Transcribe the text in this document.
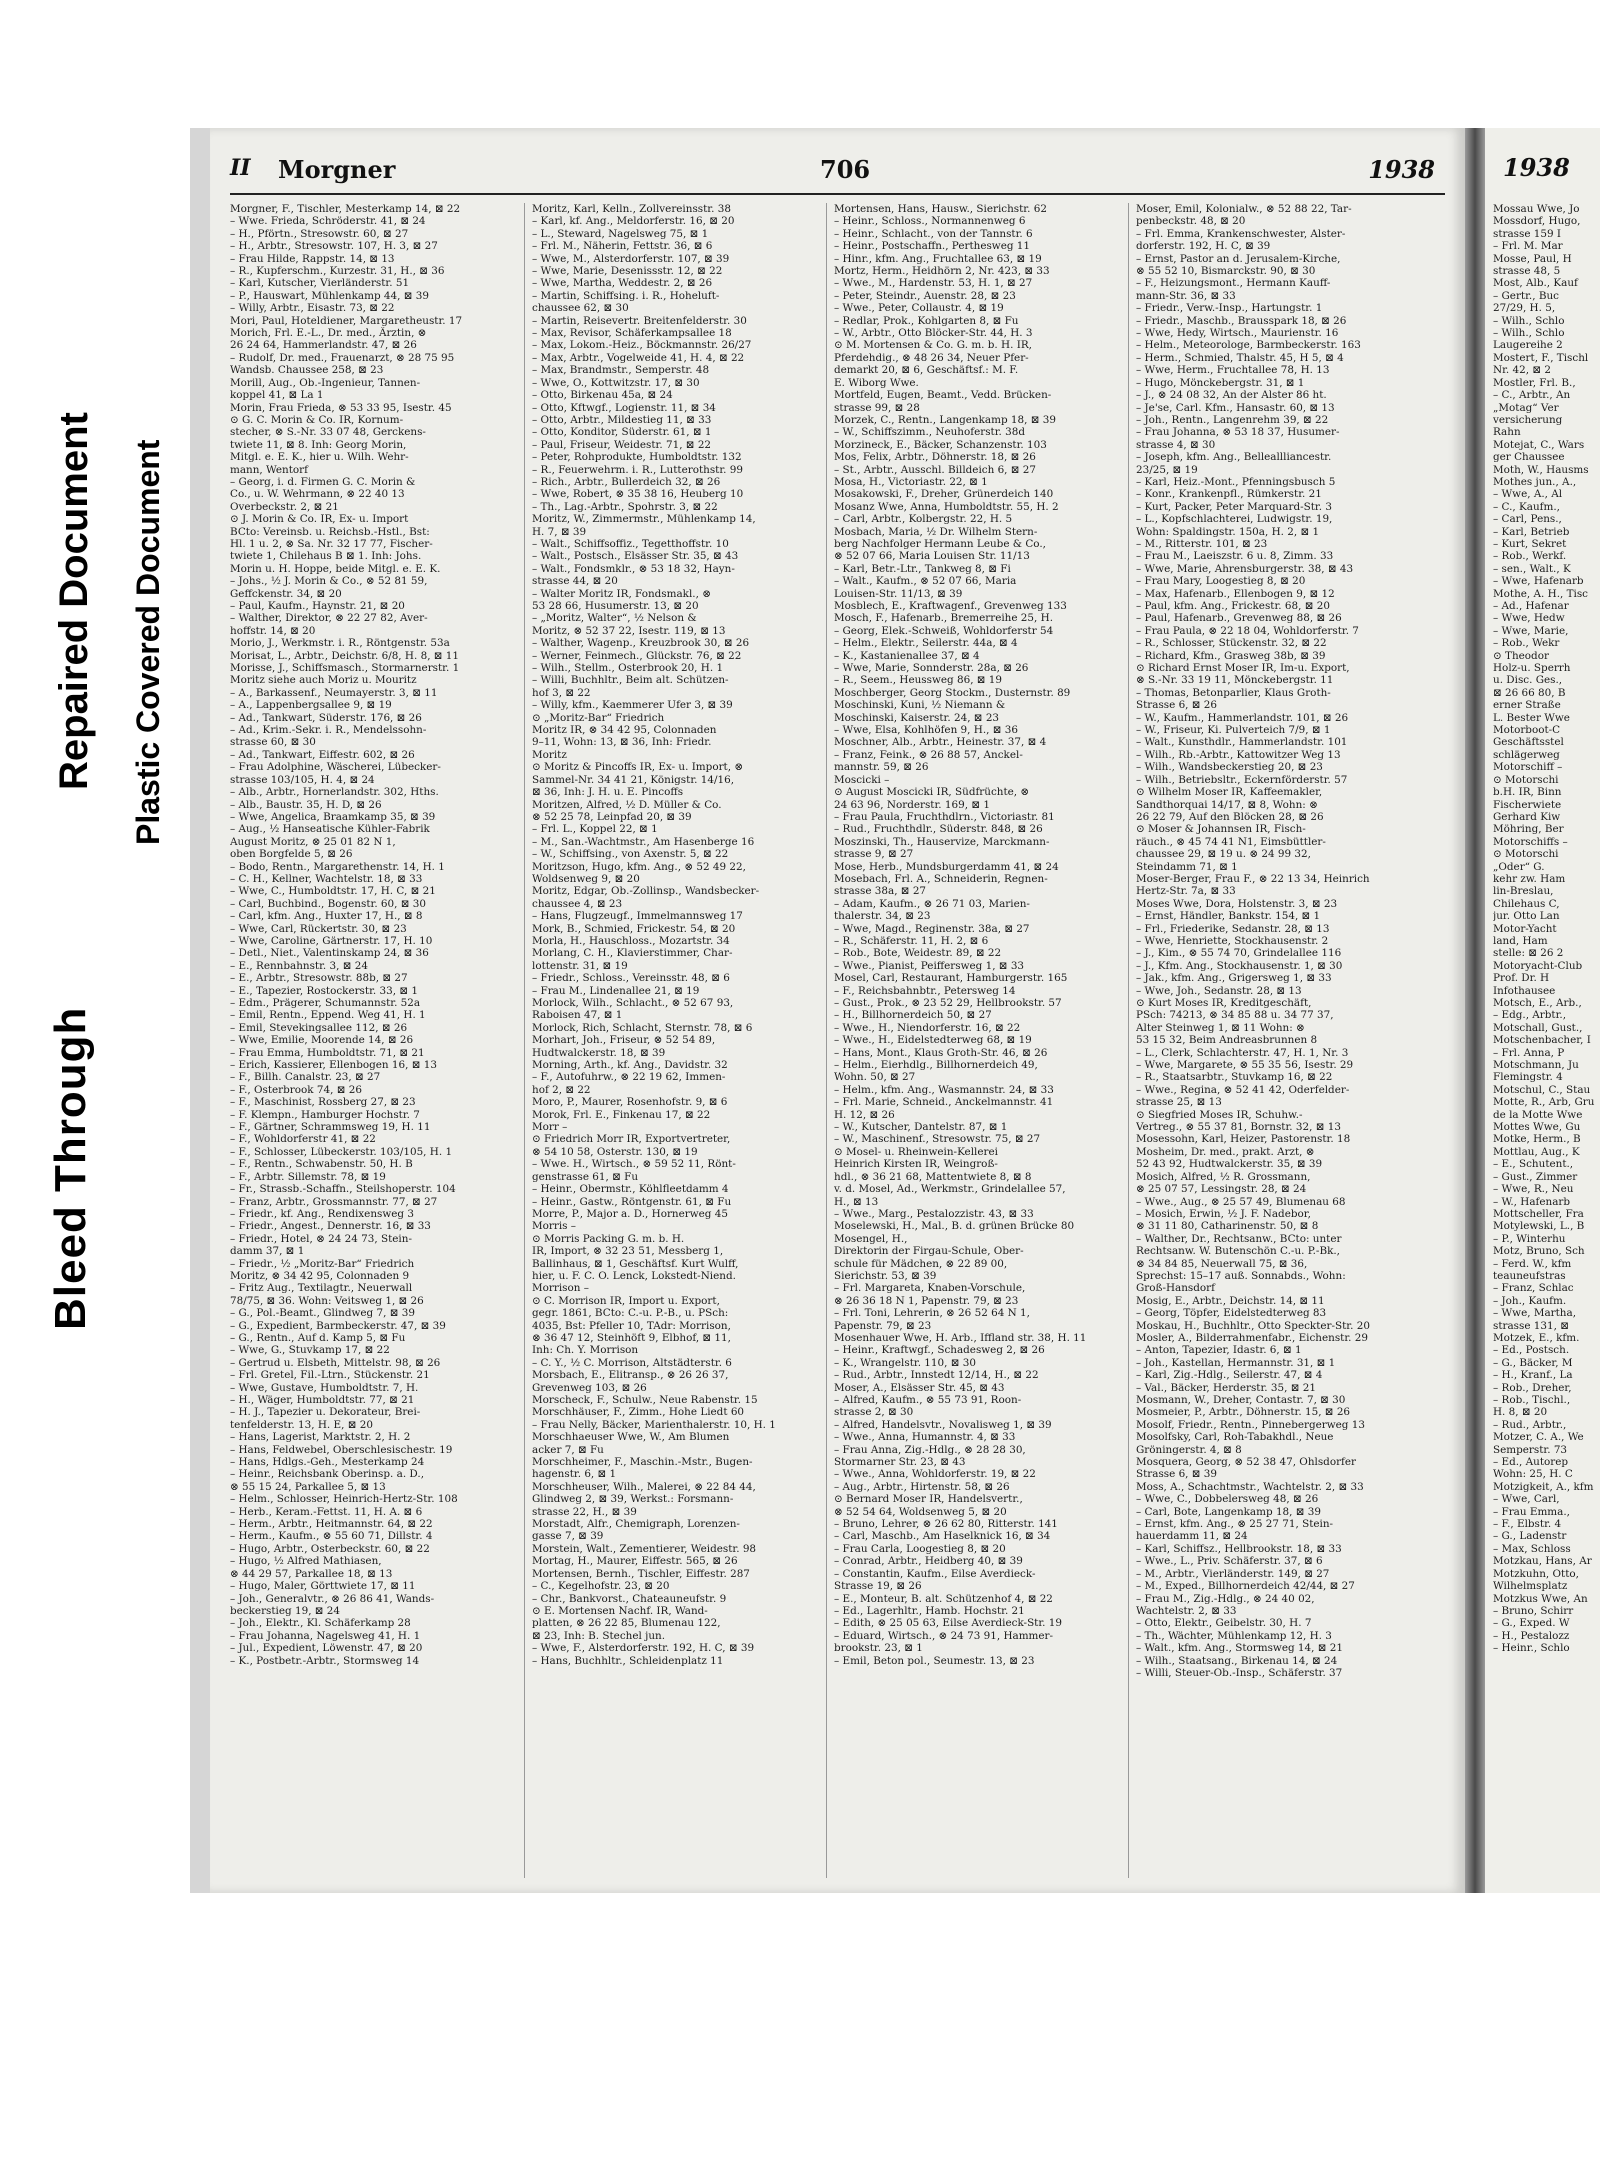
Bleed Through
Repaired Document Plastic Covered Document
II Morgner	706	1938
Morgner, F., Tischler, Mesterkamp 14, ⊠ 22
– Wwe. Frieda, Schröderstr. 41, ⊠ 24
– H., Pförtn., Stresowstr. 60, ⊠ 27
– H., Arbtr., Stresowstr. 107, H. 3, ⊠ 27
– Frau Hilde, Rappstr. 14, ⊠ 13
– R., Kupferschm., Kurzestr. 31, H., ⊠ 36
– Karl, Kutscher, Vierländerstr. 51
– P., Hauswart, Mühlenkamp 44, ⊠ 39
– Willy, Arbtr., Eisastr. 73, ⊠ 22
Mori, Paul, Hoteldiener, Margaretheustr. 17
Morich, Frl. E.-L., Dr. med., Ärztin, ⊗
26 24 64, Hammerlandstr. 47, ⊠ 26
– Rudolf, Dr. med., Frauenarzt, ⊗ 28 75 95
Wandsb. Chaussee 258, ⊠ 23
Morill, Aug., Ob.-Ingenieur, Tannen-
koppel 41, ⊠ La 1
Morin, Frau Frieda, ⊗ 53 33 95, Isestr. 45
⊙ G. C. Morin & Co. IR, Kornum-
stecher, ⊗ S.-Nr. 33 07 48, Gerckens-
twiete 11, ⊠ 8. Inh: Georg Morin,
Mitgl. e. E. K., hier u. Wilh. Wehr-
mann, Wentorf
– Georg, i. d. Firmen G. C. Morin &
Co., u. W. Wehrmann, ⊗ 22 40 13
Overbeckstr. 2, ⊠ 21
⊙ J. Morin & Co. IR, Ex- u. Import
BCto: Vereinsb. u. Reichsb.-Hstl., Bst:
Hl. 1 u. 2, ⊗ Sa. Nr. 32 17 77, Fischer-
twiete 1, Chilehaus B ⊠ 1. Inh: Johs.
Morin u. H. Hoppe, beide Mitgl. e. E. K.
– Johs., ½ J. Morin & Co., ⊗ 52 81 59,
Geffckenstr. 34, ⊠ 20
– Paul, Kaufm., Haynstr. 21, ⊠ 20
– Walther, Direktor, ⊗ 22 27 82, Aver-
hoffstr. 14, ⊠ 20
Morio, J., Werkmstr. i. R., Röntgenstr. 53a
Morisat, L., Arbtr., Deichstr. 6/8, H. 8, ⊠ 11
Morisse, J., Schiffsmasch., Stormarnerstr. 1
Moritz siehe auch Moriz u. Mouritz
– A., Barkassenf., Neumayerstr. 3, ⊠ 11
– A., Lappenbergsallee 9, ⊠ 19
– Ad., Tankwart, Süderstr. 176, ⊠ 26
– Ad., Krim.-Sekr. i. R., Mendelssohn-
strasse 60, ⊠ 30
– Ad., Tankwart, Eiffestr. 602, ⊠ 26
– Frau Adolphine, Wäscherei, Lübecker-
strasse 103/105, H. 4, ⊠ 24
– Alb., Arbtr., Hornerlandstr. 302, Hths.
– Alb., Baustr. 35, H. D, ⊠ 26
– Wwe, Angelica, Braamkamp 35, ⊠ 39
– Aug., ½ Hanseatische Kühler-Fabrik
August Moritz, ⊗ 25 01 82 N 1,
oben Borgfelde 5, ⊠ 26
– Bodo, Rentn., Margarethenstr. 14, H. 1
– C. H., Kellner, Wachtelstr. 18, ⊠ 33
– Wwe, C., Humboldtstr. 17, H. C, ⊠ 21
– Carl, Buchbind., Bogenstr. 60, ⊠ 30
– Carl, kfm. Ang., Huxter 17, H., ⊠ 8
– Wwe, Carl, Rückertstr. 30, ⊠ 23
– Wwe, Caroline, Gärtnerstr. 17, H. 10
– Detl., Niet., Valentinskamp 24, ⊠ 36
– E., Rennbahnstr. 3, ⊠ 24
– E., Arbtr., Stresowstr. 88b, ⊠ 27
– E., Tapezier, Rostockerstr. 33, ⊠ 1
– Edm., Prägerer, Schumannstr. 52a
– Emil, Rentn., Eppend. Weg 41, H. 1
– Emil, Stevekingsallee 112, ⊠ 26
– Wwe, Emilie, Moorende 14, ⊠ 26
– Frau Emma, Humboldtstr. 71, ⊠ 21
– Erich, Kassierer, Ellenbogen 16, ⊠ 13
– F., Billh. Canalstr. 23, ⊠ 27
– F., Osterbrook 74, ⊠ 26
– F., Maschinist, Rossberg 27, ⊠ 23
– F. Klempn., Hamburger Hochstr. 7
– F., Gärtner, Schrammsweg 19, H. 11
– F., Wohldorferstr 41, ⊠ 22
– F., Schlosser, Lübeckerstr. 103/105, H. 1
– F., Rentn., Schwabenstr. 50, H. B
– F., Arbtr. Sillemstr. 78, ⊠ 19
– Fr., Strassb.-Schaffn., Steilshoperstr. 104
– Franz, Arbtr., Grossmannstr. 77, ⊠ 27
– Friedr., kf. Ang., Rendixensweg 3
– Friedr., Angest., Dennerstr. 16, ⊠ 33
– Friedr., Hotel, ⊗ 24 24 73, Stein-
damm 37, ⊠ 1
– Friedr., ½ „Moritz-Bar“ Friedrich
Moritz, ⊗ 34 42 95, Colonnaden 9
– Fritz Aug., Textilagtr., Neuerwall
78/75, ⊠ 36. Wohn: Veitsweg 1, ⊠ 26
– G., Pol.-Beamt., Glindweg 7, ⊠ 39
– G., Expedient, Barmbeckerstr. 47, ⊠ 39
– G., Rentn., Auf d. Kamp 5, ⊠ Fu
– Wwe, G., Stuvkamp 17, ⊠ 22
– Gertrud u. Elsbeth, Mittelstr. 98, ⊠ 26
– Frl. Gretel, Fil.-Ltrn., Stückenstr. 21
– Wwe, Gustave, Humboldtstr. 7, H.
– H., Wäger, Humboldtstr. 77, ⊠ 21
– H. J., Tapezier u. Dekorateur, Brei-
tenfelderstr. 13, H. E, ⊠ 20
– Hans, Lagerist, Marktstr. 2, H. 2
– Hans, Feldwebel, Oberschlesischestr. 19
– Hans, Hdlgs.-Geh., Mesterkamp 24
– Heinr., Reichsbank Oberinsp. a. D.,
⊗ 55 15 24, Parkallee 5, ⊠ 13
– Helm., Schlosser, Heinrich-Hertz-Str. 108
– Herb., Keram.-Fettst. 11, H. A. ⊠ 6
– Herm., Arbtr., Heitmannstr. 64, ⊠ 22
– Herm., Kaufm., ⊗ 55 60 71, Dillstr. 4
– Hugo, Arbtr., Osterbeckstr. 60, ⊠ 22
– Hugo, ½ Alfred Mathiasen,
⊗ 44 29 57, Parkallee 18, ⊠ 13
– Hugo, Maler, Görttwiete 17, ⊠ 11
– Joh., Generalvtr., ⊗ 26 86 41, Wands-
beckerstieg 19, ⊠ 24
– Joh., Elektr., Kl. Schäferkamp 28
– Frau Johanna, Nagelsweg 41, H. 1
– Jul., Expedient, Löwenstr. 47, ⊠ 20
– K., Postbetr.-Arbtr., Stormsweg 14
Moritz, Karl, Kelln., Zollvereinsstr. 38
– Karl, kf. Ang., Meldorferstr. 16, ⊠ 20
– L., Steward, Nagelsweg 75, ⊠ 1
– Frl. M., Näherin, Fettstr. 36, ⊠ 6
– Wwe, M., Alsterdorferstr. 107, ⊠ 39
– Wwe, Marie, Desenissstr. 12, ⊠ 22
– Wwe, Martha, Weddestr. 2, ⊠ 26
– Martin, Schiffsing. i. R., Hoheluft-
chaussee 62, ⊠ 30
– Martin, Reisevertr. Breitenfelderstr. 30
– Max, Revisor, Schäferkampsallee 18
– Max, Lokom.-Heiz., Böckmannstr. 26/27
– Max, Arbtr., Vogelweide 41, H. 4, ⊠ 22
– Max, Brandmstr., Semperstr. 48
– Wwe, O., Kottwitzstr. 17, ⊠ 30
– Otto, Birkenau 45a, ⊠ 24
– Otto, Kftwgf., Logienstr. 11, ⊠ 34
– Otto, Arbtr., Mildestieg 11, ⊠ 33
– Otto, Konditor, Süderstr. 61, ⊠ 1
– Paul, Friseur, Weidestr. 71, ⊠ 22
– Peter, Rohprodukte, Humboldtstr. 132
– R., Feuerwehrm. i. R., Lutterothstr. 99
– Rich., Arbtr., Bullerdeich 32, ⊠ 26
– Wwe, Robert, ⊗ 35 38 16, Heuberg 10
– Th., Lag.-Arbtr., Spohrstr. 3, ⊠ 22
Moritz, W., Zimmermstr., Mühlenkamp 14,
H. 7, ⊠ 39
– Walt., Schiffsoffiz., Tegetthoffstr. 10
– Walt., Postsch., Elsässer Str. 35, ⊠ 43
– Walt., Fondsmklr., ⊗ 53 18 32, Hayn-
strasse 44, ⊠ 20
– Walter Moritz IR, Fondsmakl., ⊗
53 28 66, Husumerstr. 13, ⊠ 20
– „Moritz, Walter“, ½ Nelson &
Moritz, ⊗ 52 37 22, Isestr. 119, ⊠ 13
– Walther, Wagenp., Kreuzbrook 30, ⊠ 26
– Werner, Feinmech., Glückstr. 76, ⊠ 22
– Wilh., Stellm., Osterbrook 20, H. 1
– Willi, Buchhltr., Beim alt. Schützen-
hof 3, ⊠ 22
– Willy, kfm., Kaemmerer Ufer 3, ⊠ 39
⊙ „Moritz-Bar“ Friedrich
Moritz IR, ⊗ 34 42 95, Colonnaden
9–11, Wohn: 13, ⊠ 36, Inh: Friedr.
Moritz
⊙ Moritz & Pincoffs IR, Ex- u. Import, ⊗
Sammel-Nr. 34 41 21, Königstr. 14/16,
⊠ 36, Inh: J. H. u. E. Pincoffs
Moritzen, Alfred, ½ D. Müller & Co.
⊗ 52 25 78, Leinpfad 20, ⊠ 39
– Frl. L., Koppel 22, ⊠ 1
– M., San.-Wachtmstr., Am Hasenberge 16
– W., Schiffsing., von Axenstr. 5, ⊠ 22
Moritzson, Hugo, kfm. Ang., ⊗ 52 49 22,
Woldsenweg 9, ⊠ 20
Moritz, Edgar, Ob.-Zollinsp., Wandsbecker-
chaussee 4, ⊠ 23
– Hans, Flugzeugf., Immelmannsweg 17
Mork, B., Schmied, Frickestr. 54, ⊠ 20
Morla, H., Hauschloss., Mozartstr. 34
Morlang, C. H., Klavierstimmer, Char-
lottenstr. 31, ⊠ 19
– Friedr., Schloss., Vereinsstr. 48, ⊠ 6
– Frau M., Lindenallee 21, ⊠ 19
Morlock, Wilh., Schlacht., ⊗ 52 67 93,
Raboisen 47, ⊠ 1
Morlock, Rich, Schlacht, Sternstr. 78, ⊠ 6
Morhart, Joh., Friseur, ⊗ 52 54 89,
Hudtwalckerstr. 18, ⊠ 39
Morning, Arth., kf. Ang., Davidstr. 32
– F., Autofuhrw., ⊗ 22 19 62, Immen-
hof 2, ⊠ 22
Moro, P., Maurer, Rosenhofstr. 9, ⊠ 6
Morok, Frl. E., Finkenau 17, ⊠ 22
Morr –
⊙ Friedrich Morr IR, Exportvertreter,
⊗ 54 10 58, Osterstr. 130, ⊠ 19
– Wwe. H., Wirtsch., ⊗ 59 52 11, Rönt-
genstrasse 61, ⊠ Fu
– Heinr., Obermstr., Köhlfleetdamm 4
– Heinr., Gastw., Röntgenstr. 61, ⊠ Fu
Morre, P., Major a. D., Hornerweg 45
Morris –
⊙ Morris Packing G. m. b. H.
IR, Import, ⊗ 32 23 51, Messberg 1,
Ballinhaus, ⊠ 1, Geschäftsf. Kurt Wulff,
hier, u. F. C. O. Lenck, Lokstedt-Niend.
Morrison –
⊙ C. Morrison IR, Import u. Export,
gegr. 1861, BCto: C.-u. P.-B., u. PSch:
4035, Bst: Pfeller 10, TAdr: Morrison,
⊗ 36 47 12, Steinhöft 9, Elbhof, ⊠ 11,
Inh: Ch. Y. Morrison
– C. Y., ½ C. Morrison, Altstädterstr. 6
Morsbach, E., Elitransp., ⊗ 26 26 37,
Grevenweg 103, ⊠ 26
Morscheck, F., Schulw., Neue Rabenstr. 15
Morschhäuser, F., Zimm., Hohe Liedt 60
– Frau Nelly, Bäcker, Marienthalerstr. 10, H. 1
Morschhaeuser Wwe, W., Am Blumen
acker 7, ⊠ Fu
Morschheimer, F., Maschin.-Mstr., Bugen-
hagenstr. 6, ⊠ 1
Morschheuser, Wilh., Malerei, ⊗ 22 84 44,
Glindweg 2, ⊠ 39, Werkst.: Forsmann-
strasse 22, H., ⊠ 39
Morstadt, Alfr., Chemigraph, Lorenzen-
gasse 7, ⊠ 39
Morstein, Walt., Zementierer, Weidestr. 98
Mortag, H., Maurer, Eiffestr. 565, ⊠ 26
Mortensen, Bernh., Tischler, Eiffestr. 287
– C., Kegelhofstr. 23, ⊠ 20
– Chr., Bankvorst., Chateauneufstr. 9
⊙ E. Mortensen Nachf. IR, Wand-
platten, ⊗ 26 22 85, Blumenau 122,
⊠ 23, Inh: B. Stechel jun.
– Wwe, F., Alsterdorferstr. 192, H. C, ⊠ 39
– Hans, Buchhltr., Schleidenplatz 11
Mortensen, Hans, Hausw., Sierichstr. 62
– Heinr., Schloss., Normannenweg 6
– Heinr., Schlacht., von der Tannstr. 6
– Heinr., Postschaffn., Perthesweg 11
– Hinr., kfm. Ang., Fruchtallee 63, ⊠ 19
Mortz, Herm., Heidhörn 2, Nr. 423, ⊠ 33
– Wwe., M., Hardenstr. 53, H. 1, ⊠ 27
– Peter, Steindr., Auenstr. 28, ⊠ 23
– Wwe., Peter, Collaustr. 4, ⊠ 19
– Redlar, Prok., Kohlgarten 8, ⊠ Fu
– W., Arbtr., Otto Blöcker-Str. 44, H. 3
⊙ M. Mortensen & Co. G. m. b. H. IR,
Pferdehdig., ⊗ 48 26 34, Neuer Pfer-
demarkt 20, ⊠ 6, Geschäftsf.: M. F.
E. Wiborg Wwe.
Mortfeld, Eugen, Beamt., Vedd. Brücken-
strasse 99, ⊠ 28
Morzek, C., Rentn., Langenkamp 18, ⊠ 39
– W., Schiffszimm., Neuhoferstr. 38d
Morzineck, E., Bäcker, Schanzenstr. 103
Mos, Felix, Arbtr., Döhnerstr. 18, ⊠ 26
– St., Arbtr., Ausschl. Billdeich 6, ⊠ 27
Mosa, H., Victoriastr. 22, ⊠ 1
Mosakowski, F., Dreher, Grünerdeich 140
Mosanz Wwe, Anna, Humboldtstr. 55, H. 2
– Carl, Arbtr., Kolbergstr. 22, H. 5
Mosbach, Maria, ½ Dr. Wilhelm Stern-
berg Nachfolger Hermann Leube & Co.,
⊗ 52 07 66, Maria Louisen Str. 11/13
– Karl, Betr.-Ltr., Tankweg 8, ⊠ Fi
– Walt., Kaufm., ⊗ 52 07 66, Maria
Louisen-Str. 11/13, ⊠ 39
Mosblech, E., Kraftwagenf., Grevenweg 133
Mosch, F., Hafenarb., Bremerreihe 25, H.
– Georg, Elek.-Schweiß, Wohldorferstr 54
– Helm., Elektr., Seilerstr. 44a, ⊠ 4
– K., Kastanienallee 37, ⊠ 4
– Wwe, Marie, Sonnderstr. 28a, ⊠ 26
– R., Seem., Heussweg 86, ⊠ 19
Moschberger, Georg Stockm., Dusternstr. 89
Moschinski, Kuni, ½ Niemann &
Moschinski, Kaiserstr. 24, ⊠ 23
– Wwe, Elsa, Kohlhöfen 9, H., ⊠ 36
Moschner, Alb., Arbtr., Heinestr. 37, ⊠ 4
– Franz, Feink., ⊗ 26 88 57, Anckel-
mannstr. 59, ⊠ 26
Moscicki –
⊙ August Moscicki IR, Südfrüchte, ⊗
24 63 96, Norderstr. 169, ⊠ 1
– Frau Paula, Fruchthdlrn., Victoriastr. 81
– Rud., Fruchthdlr., Süderstr. 848, ⊠ 26
Moszinski, Th., Hauservize, Marckmann-
strasse 9, ⊠ 27
Mose, Herb., Mundsburgerdamm 41, ⊠ 24
Mosebach, Frl. A., Schneiderin, Regnen-
strasse 38a, ⊠ 27
– Adam, Kaufm., ⊗ 26 71 03, Marien-
thalerstr. 34, ⊠ 23
– Wwe, Magd., Reginenstr. 38a, ⊠ 27
– R., Schäferstr. 11, H. 2, ⊠ 6
– Rob., Bote, Weidestr. 89, ⊠ 22
– Wwe., Pianist, Peiffersweg 1, ⊠ 33
Mosel, Carl, Restaurant, Hamburgerstr. 165
– F., Reichsbahnbtr., Petersweg 14
– Gust., Prok., ⊗ 23 52 29, Hellbrookstr. 57
– H., Billhornerdeich 50, ⊠ 27
– Wwe., H., Niendorferstr. 16, ⊠ 22
– Wwe., H., Eidelstedterweg 68, ⊠ 19
– Hans, Mont., Klaus Groth-Str. 46, ⊠ 26
– Helm., Eierhdlg., Billhornerdeich 49,
Wohn. 50, ⊠ 27
– Helm., kfm. Ang., Wasmannstr. 24, ⊠ 33
– Frl. Marie, Schneid., Anckelmannstr. 41
H. 12, ⊠ 26
– W., Kutscher, Dantelstr. 87, ⊠ 1
– W., Maschinenf., Stresowstr. 75, ⊠ 27
⊙ Mosel- u. Rheinwein-Kellerei
Heinrich Kirsten IR, Weingroß-
hdl., ⊗ 36 21 68, Mattentwiete 8, ⊠ 8
v. d. Mosel, Ad., Werkmstr., Grindelallee 57,
H., ⊠ 13
– Wwe., Marg., Pestalozzistr. 43, ⊠ 33
Moselewski, H., Mal., B. d. grünen Brücke 80
Mosengel, H.,
Direktorin der Firgau-Schule, Ober-
schule für Mädchen, ⊗ 22 89 00,
Sierichstr. 53, ⊠ 39
– Frl. Margareta, Knaben-Vorschule,
⊗ 26 36 18 N 1, Papenstr. 79, ⊠ 23
– Frl. Toni, Lehrerin, ⊗ 26 52 64 N 1,
Papenstr. 79, ⊠ 23
Mosenhauer Wwe, H. Arb., Iffland str. 38, H. 11
– Heinr., Kraftwgf., Schadesweg 2, ⊠ 26
– K., Wrangelstr. 110, ⊠ 30
– Rud., Arbtr., Innstedt 12/14, H., ⊠ 22
Moser, A., Elsässer Str. 45, ⊠ 43
– Alfred, Kaufm., ⊗ 55 73 91, Roon-
strasse 2, ⊠ 30
– Alfred, Handelsvtr., Novalisweg 1, ⊠ 39
– Wwe., Anna, Humannstr. 4, ⊠ 33
– Frau Anna, Zig.-Hdlg., ⊗ 28 28 30,
Stormarner Str. 23, ⊠ 43
– Wwe., Anna, Wohldorferstr. 19, ⊠ 22
– Aug., Arbtr., Hirtenstr. 58, ⊠ 26
⊙ Bernard Moser IR, Handelsvertr.,
⊗ 52 54 64, Woldsenweg 5, ⊠ 20
– Bruno, Lehrer, ⊗ 26 62 80, Ritterstr. 141
– Carl, Maschb., Am Haselknick 16, ⊠ 34
– Frau Carla, Loogestieg 8, ⊠ 20
– Conrad, Arbtr., Heidberg 40, ⊠ 39
– Constantin, Kaufm., Eilse Averdieck-
Strasse 19, ⊠ 26
– E., Monteur, B. alt. Schützenhof 4, ⊠ 22
– Ed., Lagerhltr., Hamb. Hochstr. 21
– Edith, ⊗ 25 05 63, Eilse Averdieck-Str. 19
– Eduard, Wirtsch., ⊗ 24 73 91, Hammer-
brookstr. 23, ⊠ 1
– Emil, Beton pol., Seumestr. 13, ⊠ 23
Moser, Emil, Kolonialw., ⊗ 52 88 22, Tar-
penbeckstr. 48, ⊠ 20
– Frl. Emma, Krankenschwester, Alster-
dorferstr. 192, H. C, ⊠ 39
– Ernst, Pastor an d. Jerusalem-Kirche,
⊗ 55 52 10, Bismarckstr. 90, ⊠ 30
– F., Heizungsmont., Hermann Kauff-
mann-Str. 36, ⊠ 33
– Friedr., Verw.-Insp., Hartungstr. 1
– Friedr., Maschb., Brausspark 18, ⊠ 26
– Wwe, Hedy, Wirtsch., Maurienstr. 16
– Helm., Meteorologe, Barmbeckerstr. 163
– Herm., Schmied, Thalstr. 45, H 5, ⊠ 4
– Wwe, Herm., Fruchtallee 78, H. 13
– Hugo, Mönckebergstr. 31, ⊠ 1
– J., ⊗ 24 08 32, An der Alster 86 ht.
– Je'se, Carl. Kfm., Hansastr. 60, ⊠ 13
– Joh., Rentn., Langenrehm 39, ⊠ 22
– Frau Johanna, ⊗ 53 18 37, Husumer-
strasse 4, ⊠ 30
– Joseph, kfm. Ang., Belleallliancestr.
23/25, ⊠ 19
– Karl, Heiz.-Mont., Pfenningsbusch 5
– Konr., Krankenpfl., Rümkerstr. 21
– Kurt, Packer, Peter Marquard-Str. 3
– L., Kopfschlachterei, Ludwigstr. 19,
Wohn: Spaldingstr. 150a, H. 2, ⊠ 1
– M., Ritterstr. 101, ⊠ 23
– Frau M., Laeiszstr. 6 u. 8, Zimm. 33
– Wwe, Marie, Ahrensburgerstr. 38, ⊠ 43
– Frau Mary, Loogestieg 8, ⊠ 20
– Max, Hafenarb., Ellenbogen 9, ⊠ 12
– Paul, kfm. Ang., Frickestr. 68, ⊠ 20
– Paul, Hafenarb., Grevenweg 88, ⊠ 26
– Frau Paula, ⊗ 22 18 04, Wohldorferstr. 7
– R., Schlosser, Stückenstr. 32, ⊠ 22
– Richard, Kfm., Grasweg 38b, ⊠ 39
⊙ Richard Ernst Moser IR, Im-u. Export,
⊗ S.-Nr. 33 19 11, Mönckebergstr. 11
– Thomas, Betonparlier, Klaus Groth-
Strasse 6, ⊠ 26
– W., Kaufm., Hammerlandstr. 101, ⊠ 26
– W., Friseur, Ki. Pulverteich 7/9, ⊠ 1
– Walt., Kunsthdlr., Hammerlandstr. 101
– Wilh., Rb.-Arbtr., Kattowitzer Weg 13
– Wilh., Wandsbeckerstieg 20, ⊠ 23
– Wilh., Betriebsltr., Eckernförderstr. 57
⊙ Wilhelm Moser IR, Kaffeemakler,
Sandthorquai 14/17, ⊠ 8, Wohn: ⊗
26 22 79, Auf den Blöcken 28, ⊠ 26
⊙ Moser & Johannsen IR, Fisch-
räuch., ⊗ 45 74 41 N1, Eimsbüttler-
chaussee 29, ⊠ 19 u. ⊗ 24 99 32,
Steindamm 71, ⊠ 1
Moser-Berger, Frau F., ⊗ 22 13 34, Heinrich
Hertz-Str. 7a, ⊠ 33
Moses Wwe, Dora, Holstenstr. 3, ⊠ 23
– Ernst, Händler, Bankstr. 154, ⊠ 1
– Frl., Friederike, Sedanstr. 28, ⊠ 13
– Wwe, Henriette, Stockhausenstr. 2
– J., Kim., ⊗ 55 74 70, Grindelallee 116
– J., Kfm. Ang., Stockhausenstr. 1, ⊠ 30
– Jak., kfm. Ang., Grigersweg 1, ⊠ 33
– Wwe, Joh., Sedanstr. 28, ⊠ 13
⊙ Kurt Moses IR, Kreditgeschäft,
PSch: 74213, ⊗ 34 85 88 u. 34 77 37,
Alter Steinweg 1, ⊠ 11 Wohn: ⊗
53 15 32, Beim Andreasbrunnen 8
– L., Clerk, Schlachterstr. 47, H. 1, Nr. 3
– Wwe, Margarete, ⊗ 55 35 56, Isestr. 29
– R., Staatsarbtr., Stuvkamp 16, ⊠ 22
– Wwe., Regina, ⊗ 52 41 42, Oderfelder-
strasse 25, ⊠ 13
⊙ Siegfried Moses IR, Schuhw.-
Vertreg., ⊗ 55 37 81, Bornstr. 32, ⊠ 13
Mosessohn, Karl, Heizer, Pastorenstr. 18
Mosheim, Dr. med., prakt. Arzt, ⊗
52 43 92, Hudtwalckerstr. 35, ⊠ 39
Mosich, Alfred, ½ R. Grossmann,
⊗ 25 07 57, Lessingstr. 28, ⊠ 24
– Wwe., Aug., ⊗ 25 57 49, Blumenau 68
– Mosich, Erwin, ½ J. F. Nadebor,
⊗ 31 11 80, Catharinenstr. 50, ⊠ 8
– Walther, Dr., Rechtsanw., BCto: unter
Rechtsanw. W. Butenschön C.-u. P.-Bk.,
⊗ 34 84 85, Neuerwall 75, ⊠ 36,
Sprechst: 15–17 auß. Sonnabds., Wohn:
Groß-Hansdorf
Mosig, E., Arbtr., Deichstr. 14, ⊠ 11
– Georg, Töpfer, Eidelstedterweg 83
Moskau, H., Buchhltr., Otto Speckter-Str. 20
Mosler, A., Bilderrahmenfabr., Eichenstr. 29
– Anton, Tapezier, Idastr. 6, ⊠ 1
– Joh., Kastellan, Hermannstr. 31, ⊠ 1
– Karl, Zig.-Hdlg., Seilerstr. 47, ⊠ 4
– Val., Bäcker, Herderstr. 35, ⊠ 21
Mosmann, W., Dreher, Contastr. 7, ⊠ 30
Mosmeier, P., Arbtr., Döhnerstr. 15, ⊠ 26
Mosolf, Friedr., Rentn., Pinnebergerweg 13
Mosolfsky, Carl, Roh-Tabakhdl., Neue
Gröningerstr. 4, ⊠ 8
Mosquera, Georg, ⊗ 52 38 47, Ohlsdorfer
Strasse 6, ⊠ 39
Moss, A., Schachtmstr., Wachtelstr. 2, ⊠ 33
– Wwe, C., Dobbelersweg 48, ⊠ 26
– Carl, Bote, Langenkamp 18, ⊠ 39
– Ernst, kfm. Ang., ⊗ 25 27 71, Stein-
hauerdamm 11, ⊠ 24
– Karl, Schiffsz., Hellbrookstr. 18, ⊠ 33
– Wwe., L., Priv. Schäferstr. 37, ⊠ 6
– M., Arbtr., Vierländerstr. 149, ⊠ 27
– M., Exped., Billhornerdeich 42/44, ⊠ 27
– Frau M., Zig.-Hdlg., ⊗ 24 40 02,
Wachtelstr. 2, ⊠ 33
– Otto, Elektr., Geibelstr. 30, H. 7
– Th., Wächter, Mühlenkamp 12, H. 3
– Walt., kfm. Ang., Stormsweg 14, ⊠ 21
– Wilh., Staatsang., Birkenau 14, ⊠ 24
– Willi, Steuer-Ob.-Insp., Schäferstr. 37
1938
Mossau Wwe, Jo
Mossdorf, Hugo,
strasse 159 I
– Frl. M. Mar
Mosse, Paul, H
strasse 48, 5
Most, Alb., Kauf
– Gertr., Buc
27/29, H. 5,
– Wilh., Schlo
– Wilh., Schlo
Laugereihe 2
Mostert, F., Tischl
Nr. 42, ⊠ 2
Mostler, Frl. B.,
– C., Arbtr., An
„Motag“ Ver
versicherung
Rahn
Motejat, C., Wars
ger Chaussee
Moth, W., Hausms
Mothes jun., A.,
– Wwe, A., Al
– C., Kaufm.,
– Carl, Pens.,
– Karl, Betrieb
– Kurt, Sekret
– Rob., Werkf.
– sen., Walt., K
– Wwe, Hafenarb
Mothe, A. H., Tisc
– Ad., Hafenar
– Wwe, Hedw
– Wwe, Marie,
– Rob., Wekr
⊙ Theodor
Holz-u. Sperrh
u. Disc. Ges.,
⊠ 26 66 80, B
erner Straße
L. Bester Wwe
Motorboot-C
Geschäftsstel
schlägerweg
Motorschiff –
⊙ Motorschi
b.H. IR, Binn
Fischerwiete
Gerhard Kiw
Möhring, Ber
Motorschiffs –
⊙ Motorschi
„Oder“ G.
kehr zw. Ham
lin-Breslau,
Chilehaus C,
jur. Otto Lan
Motor-Yacht
land, Ham
stelle: ⊠ 26 2
Motoryacht-Club
Prof. Dr. H
Infothausee
Motsch, E., Arb.,
– Edg., Arbtr.,
Motschall, Gust.,
Motschenbacher, I
– Frl. Anna, P
Motschmann, Ju
Flemingstr. 4
Motschul, C., Stau
Motte, R., Arb, Gru
de la Motte Wwe
Mottes Wwe, Gu
Motke, Herm., B
Mottlau, Aug., K
– E., Schutent.,
– Gust., Zimmer
– Wwe, R., Neu
– W., Hafenarb
Mottscheller, Fra
Motylewski, L., B
– P., Winterhu
Motz, Bruno, Sch
– Ferd. W., kfm
teauneufstras
– Franz, Schlac
– Joh., Kaufm.
– Wwe, Martha,
strasse 131, ⊠
Motzek, E., kfm.
– Ed., Postsch.
– G., Bäcker, M
– H., Kranf., La
– Rob., Dreher,
– Rob., Tischl.,
H. 8, ⊠ 20
– Rud., Arbtr.,
Motzer, C. A., We
Semperstr. 73
– Ed., Autorep
Wohn: 25, H. C
Motzigkeit, A., kfm
– Wwe, Carl,
– Frau Emma.,
– F., Elbstr. 4
– G., Ladenstr
– Max, Schloss
Motzkau, Hans, Ar
Motzkuhn, Otto,
Wilhelmsplatz
Motzkus Wwe, An
– Bruno, Schirr
– G., Exped. W
– H., Pestalozz
– Heinr., Schlo
